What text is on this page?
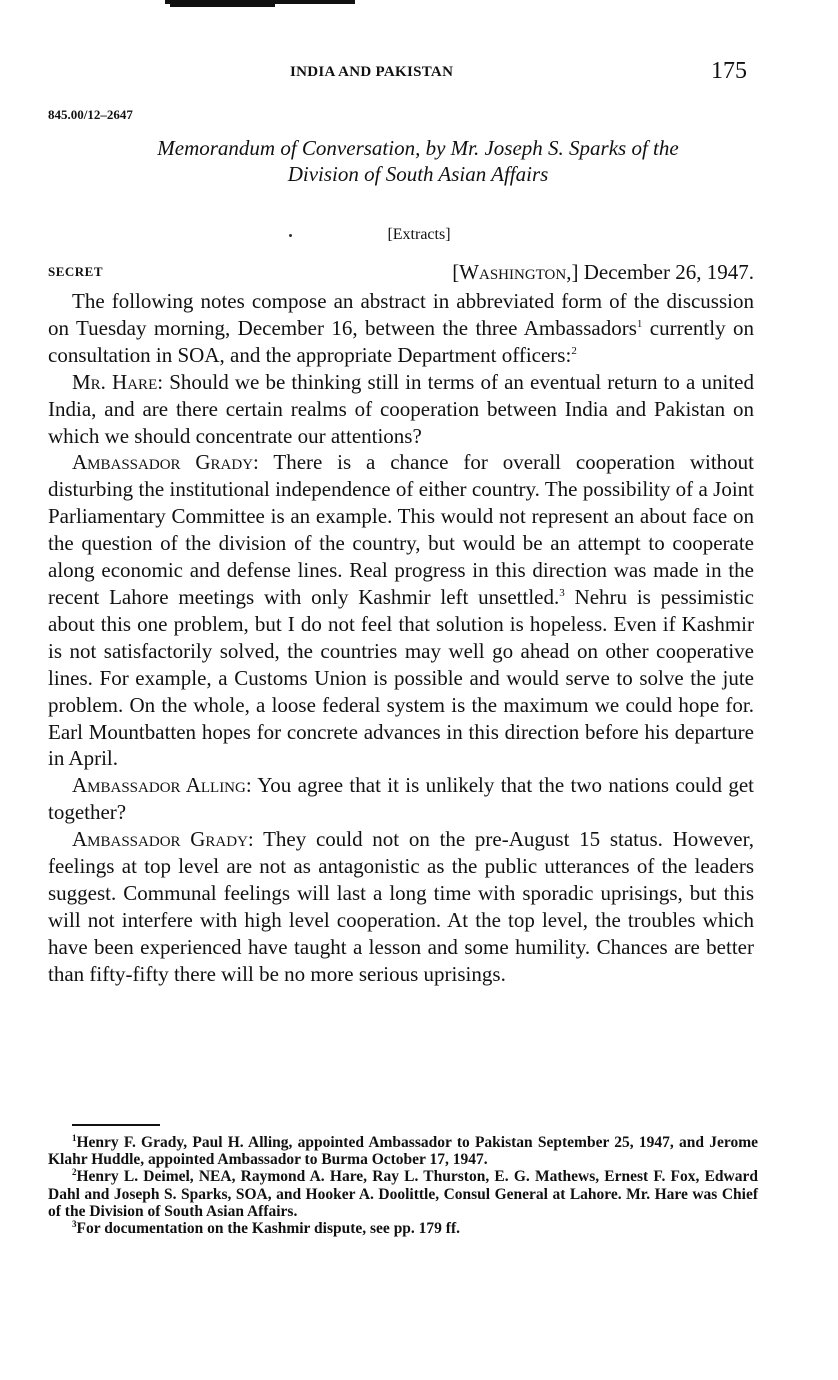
INDIA AND PAKISTAN	175
845.00/12–2647
Memorandum of Conversation, by Mr. Joseph S. Sparks of the
Division of South Asian Affairs
[Extracts]
SECRET	[Washington,] December 26, 1947.

The following notes compose an abstract in abbreviated form of the discussion on Tuesday morning, December 16, between the three Ambassadors$^1$ currently on consultation in SOA, and the appropriate Department officers:$^2$

Mr. Hare: Should we be thinking still in terms of an eventual return to a united India, and are there certain realms of cooperation between India and Pakistan on which we should concentrate our attentions?

Ambassador Grady: There is a chance for overall cooperation without disturbing the institutional independence of either country. The possibility of a Joint Parliamentary Committee is an example. This would not represent an about face on the question of the division of the country, but would be an attempt to cooperate along economic and defense lines. Real progress in this direction was made in the recent Lahore meetings with only Kashmir left unsettled.$^3$ Nehru is pessimistic about this one problem, but I do not feel that solution is hopeless. Even if Kashmir is not satisfactorily solved, the countries may well go ahead on other cooperative lines. For example, a Customs Union is possible and would serve to solve the jute problem. On the whole, a loose federal system is the maximum we could hope for. Earl Mountbatten hopes for concrete advances in this direction before his departure in April.

Ambassador Alling: You agree that it is unlikely that the two nations could get together?

Ambassador Grady: They could not on the pre-August 15 status. However, feelings at top level are not as antagonistic as the public utterances of the leaders suggest. Communal feelings will last a long time with sporadic uprisings, but this will not interfere with high level cooperation. At the top level, the troubles which have been experienced have taught a lesson and some humility. Chances are better than fifty-fifty there will be no more serious uprisings.

$^1$Henry F. Grady, Paul H. Alling, appointed Ambassador to Pakistan September 25, 1947, and Jerome Klahr Huddle, appointed Ambassador to Burma October 17, 1947.

$^2$Henry L. Deimel, NEA, Raymond A. Hare, Ray L. Thurston, E. G. Mathews, Ernest F. Fox, Edward Dahl and Joseph S. Sparks, SOA, and Hooker A. Doolittle, Consul General at Lahore. Mr. Hare was Chief of the Division of South Asian Affairs.

$^3$For documentation on the Kashmir dispute, see pp. 179 ff.
